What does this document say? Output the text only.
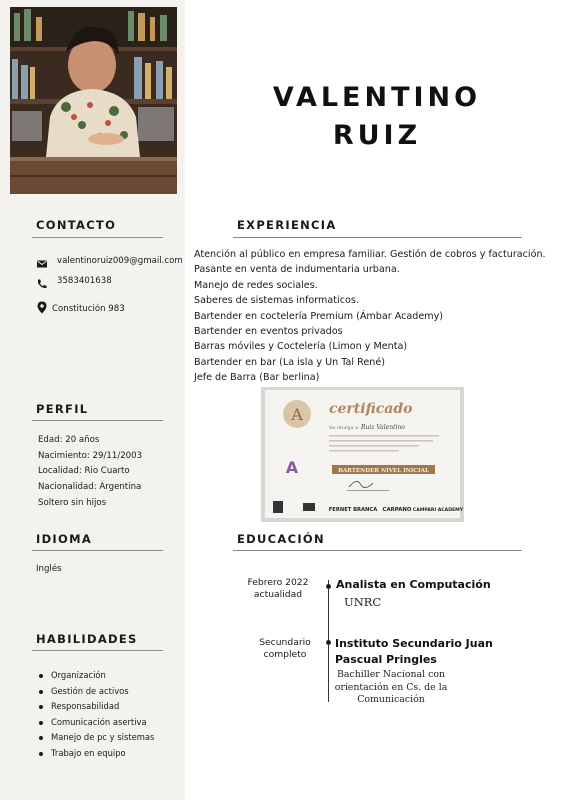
CONTACTO
valentinoruiz009@gmail.com
3583401638
Constitución 983
PERFIL
Edad: 20 años
Nacimiento: 29/11/2003
Localidad: Rio Cuarto
Nacionalidad: Argentina
Soltero sin hijos
IDIOMA
Inglés
HABILIDADES
Organización
Gestión de activos
Responsabilidad
Comunicación asertiva
Manejo de pc y sistemas
Trabajo en equipo
VALENTINO
RUIZ
EXPERIENCIA
Atención al público en empresa familiar. Gestión de cobros y facturación.
Pasante en venta de indumentaria urbana.
Manejo de redes sociales.
Saberes de sistemas informaticos.
Bartender en coctelería Premium (Ámbar Academy)
Bartender en eventos privados
Barras móviles y Coctelería (Limon y Menta)
Bartender en bar (La isla y Un Tal René)
Jefe de Barra (Bar berlina)
A certificado
Se otorga a Ruiz Valentino
A	BARTENDER NIVEL INICIAL
FERNET BRANCA CARPANO CAMPARI ACADEMY
EDUCACIÓN
Febrero 2022
actualidad
Analista en Computación
UNRC
Secundario
completo
Instituto Secundario Juan
Pascual Pringles
Bachiller Nacional con
orientación en Cs. de la
Comunicación
